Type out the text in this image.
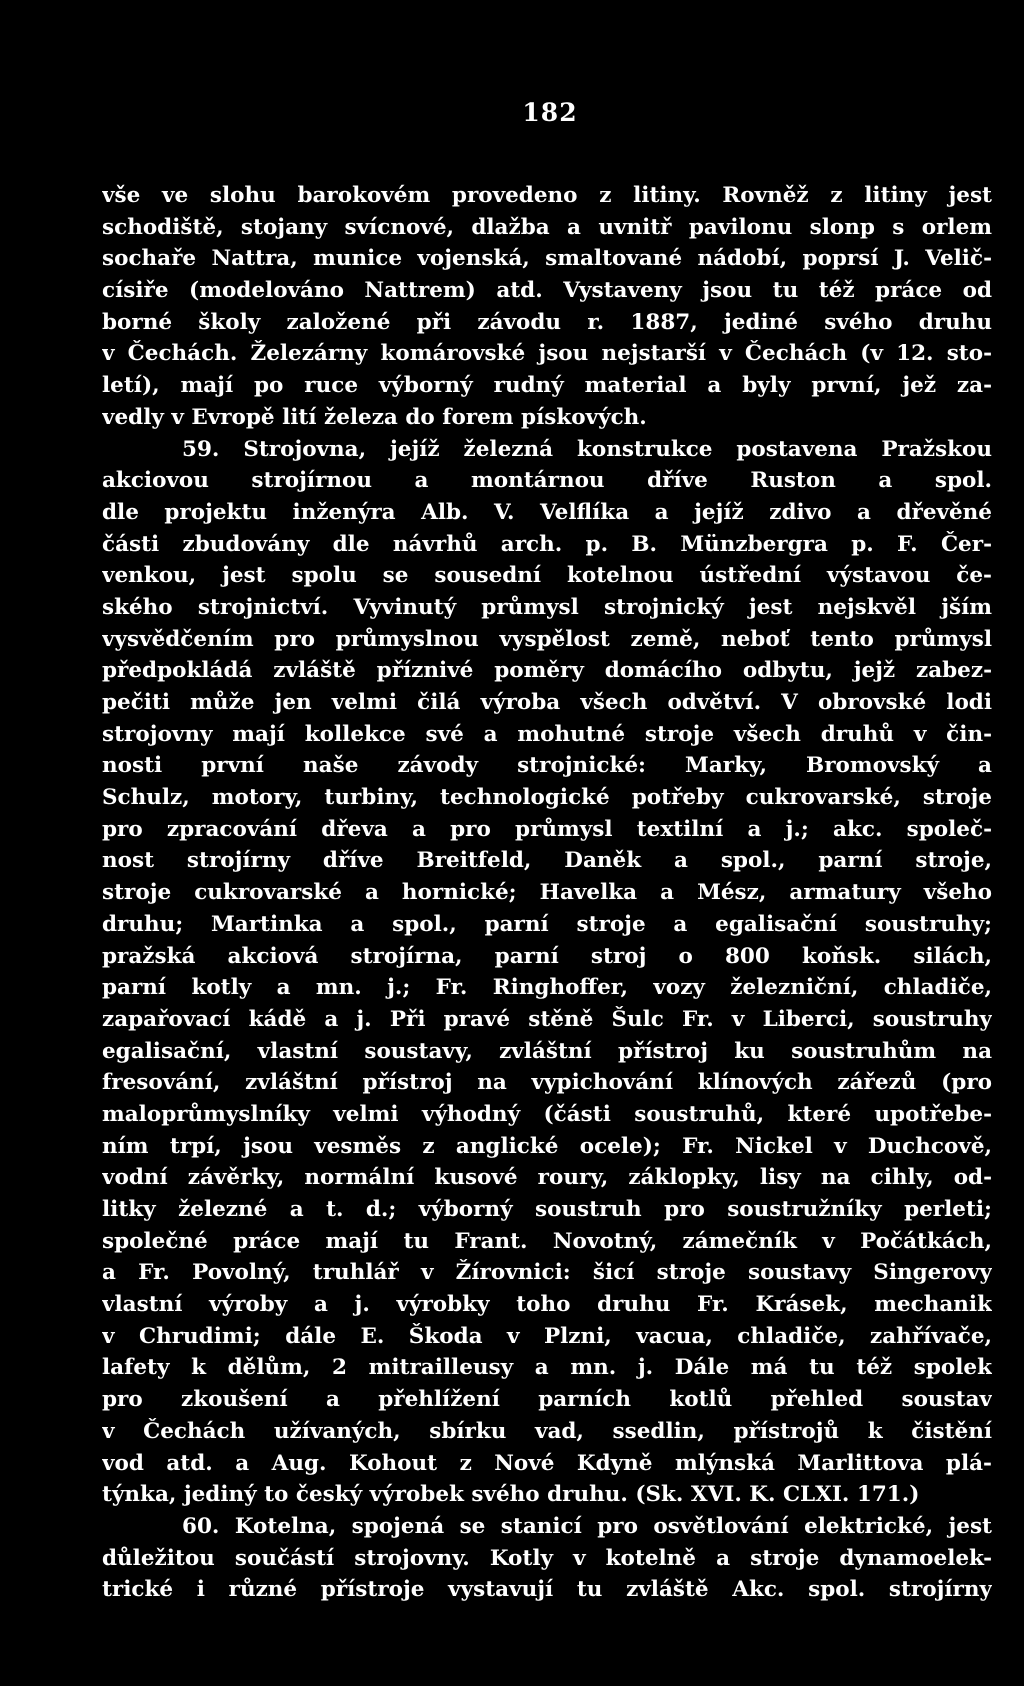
182
vše ve slohu barokovém provedeno z litiny. Rovněž z litiny jest
schodiště, stojany svícnové, dlažba a uvnitř pavilonu slonp s orlem
sochaře Nattra, munice vojenská, smaltované nádobí, poprsí J. Velič-
císiře (modelováno Nattrem) atd. Vystaveny jsou tu též práce od
borné školy založené při závodu r. 1887, jediné svého druhu
v Čechách. Železárny komárovské jsou nejstarší v Čechách (v 12. sto-
letí), mají po ruce výborný rudný material a byly první, jež za-
vedly v Evropě lití železa do forem pískových.
59. Strojovna, jejíž železná konstrukce postavena Pražskou
akciovou strojírnou a montárnou dříve Ruston a spol.
dle projektu inženýra Alb. V. Velflíka a jejíž zdivo a dřevěné
části zbudovány dle návrhů arch. p. B. Münzbergra p. F. Čer-
venkou, jest spolu se sousední kotelnou ústřední výstavou če-
ského strojnictví. Vyvinutý průmysl strojnický jest nejskvěl jším
vysvědčením pro průmyslnou vyspělost země, neboť tento průmysl
předpokládá zvláště příznivé poměry domácího odbytu, jejž zabez-
pečiti může jen velmi čilá výroba všech odvětví. V obrovské lodi
strojovny mají kollekce své a mohutné stroje všech druhů v čin-
nosti první naše závody strojnické: Marky, Bromovský a
Schulz, motory, turbiny, technologické potřeby cukrovarské, stroje
pro zpracování dřeva a pro průmysl textilní a j.; akc. společ-
nost strojírny dříve Breitfeld, Daněk a spol., parní stroje,
stroje cukrovarské a hornické; Havelka a Mész, armatury všeho
druhu; Martinka a spol., parní stroje a egalisační soustruhy;
pražská akciová strojírna, parní stroj o 800 koňsk. silách,
parní kotly a mn. j.; Fr. Ringhoffer, vozy železniční, chladiče,
zapařovací kádě a j. Při pravé stěně Šulc Fr. v Liberci, soustruhy
egalisační, vlastní soustavy, zvláštní přístroj ku soustruhům na
fresování, zvláštní přístroj na vypichování klínových zářezů (pro
maloprůmyslníky velmi výhodný (části soustruhů, které upotřebe-
ním trpí, jsou vesměs z anglické ocele); Fr. Nickel v Duchcově,
vodní závěrky, normální kusové roury, záklopky, lisy na cihly, od-
litky železné a t. d.; výborný soustruh pro soustružníky perleti;
společné práce mají tu Frant. Novotný, zámečník v Počátkách,
a Fr. Povolný, truhlář v Žírovnici: šicí stroje soustavy Singerovy
vlastní výroby a j. výrobky toho druhu Fr. Krásek, mechanik
v Chrudimi; dále E. Škoda v Plzni, vacua, chladiče, zahřívače,
lafety k dělům, 2 mitrailleusy a mn. j. Dále má tu též spolek
pro zkoušení a přehlížení parních kotlů přehled soustav
v Čechách užívaných, sbírku vad, ssedlin, přístrojů k čistění
vod atd. a Aug. Kohout z Nové Kdyně mlýnská Marlittova plá-
týnka, jediný to český výrobek svého druhu. (Sk. XVI. K. CLXI. 171.)
60. Kotelna, spojená se stanicí pro osvětlování elektrické, jest
důležitou součástí strojovny. Kotly v kotelně a stroje dynamoelek-
trické i různé přístroje vystavují tu zvláště Akc. spol. strojírny
